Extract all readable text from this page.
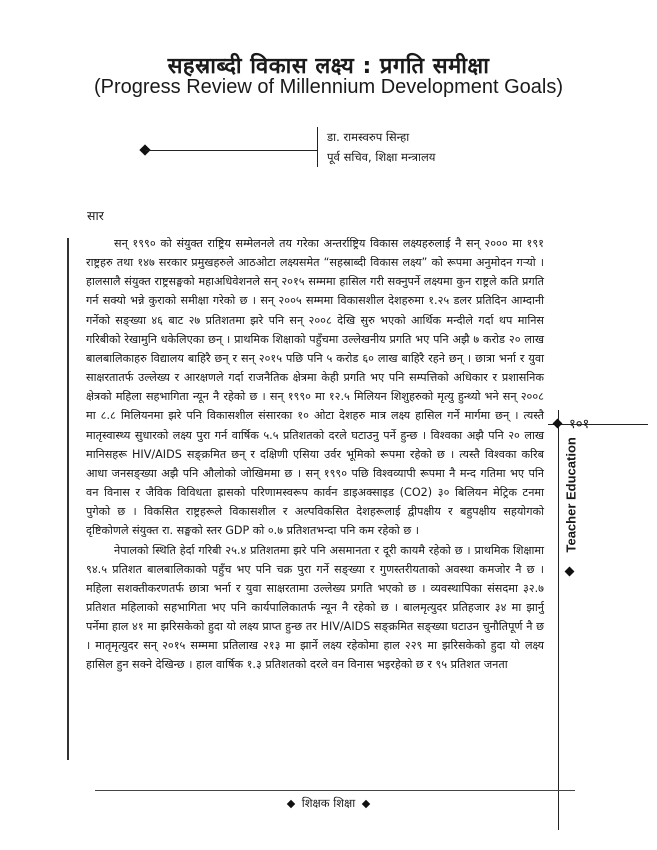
सहस्राब्दी विकास लक्ष्य : प्रगति समीक्षा
(Progress Review of Millennium Development Goals)
डा. रामस्वरुप सिन्हा
पूर्व सचिव, शिक्षा मन्त्रालय
सार

सन् १९९० को संयुक्त राष्ट्रिय सम्मेलनले तय गरेका अन्तर्राष्ट्रिय विकास लक्ष्यहरुलाई नै सन् २००० मा १९१ राष्ट्रहरु तथा १४७ सरकार प्रमुखहरुले आठओटा लक्ष्यसमेत “सहस्राब्दी विकास लक्ष्य” को रूपमा अनुमोदन गर्‍यो । हालसालै संयुक्त राष्ट्रसङ्घको महाअधिवेशनले सन् २०१५ सम्ममा हासिल गरी सक्नुपर्ने लक्ष्यमा कुन राष्ट्रले कति प्रगति गर्न सक्यो भन्ने कुराको समीक्षा गरेको छ । सन् २००५ सम्ममा विकासशील देशहरुमा १.२५ डलर प्रतिदिन आम्दानी गर्नेको सङ्ख्या ४६ बाट २७ प्रतिशतमा झरे पनि सन् २००८ देखि सुरु भएको आर्थिक मन्दीले गर्दा थप मानिस गरिबीको रेखामुनि धकेलिएका छन् । प्राथमिक शिक्षाको पहुँचमा उल्लेखनीय प्रगति भए पनि अझै ७ करोड २० लाख बालबालिकाहरु विद्यालय बाहिरै छन् र सन् २०१५ पछि पनि ५ करोड ६० लाख बाहिरै रहने छन् । छात्रा भर्ना र युवा साक्षरतातर्फ उल्लेख्य र आरक्षणले गर्दा राजनैतिक क्षेत्रमा केही प्रगति भए पनि सम्पत्तिको अधिकार र प्रशासनिक क्षेत्रको महिला सहभागिता न्यून नै रहेको छ । सन् १९९० मा १२.५ मिलियन शिशुहरुको मृत्यु हुन्थ्यो भने सन् २००८ मा ८.८ मिलियनमा झरे पनि विकासशील संसारका १० ओटा देशहरु मात्र लक्ष्य हासिल गर्ने मार्गमा छन् । त्यस्तै मातृस्वास्थ्य सुधारको लक्ष्य पुरा गर्न वार्षिक ५.५ प्रतिशतको दरले घटाउनु पर्ने हुन्छ । विश्वका अझै पनि २० लाख मानिसहरू HIV/AIDS सङ्क्रमित छन् र दक्षिणी एसिया उर्वर भूमिको रूपमा रहेको छ । त्यस्तै विश्वका करिब आधा जनसङ्ख्या अझै पनि औलोको जोखिममा छ । सन् १९९० पछि विश्वव्यापी रूपमा नै मन्द गतिमा भए पनि वन विनास र जैविक विविधता ह्रासको परिणामस्वरूप कार्वन डाइअक्साइड (CO2) ३० बिलियन मेट्रिक टनमा पुगेको छ । विकसित राष्ट्रहरूले विकासशील र अल्पविकसित देशहरूलाई द्वीपक्षीय र बहुपक्षीय सहयोगको दृष्टिकोणले संयुक्त रा. सङ्घको स्तर GDP को ०.७ प्रतिशतभन्दा पनि कम रहेको छ ।

नेपालको स्थिति हेर्दा गरिबी २५.४ प्रतिशतमा झरे पनि असमानता र दूरी कायमै रहेको छ । प्राथमिक शिक्षामा ९४.५ प्रतिशत बालबालिकाको पहुँच भए पनि चक्र पुरा गर्ने सङ्ख्या र गुणस्तरीयताको अवस्था कमजोर नै छ । महिला सशक्तीकरणतर्फ छात्रा भर्ना र युवा साक्षरतामा उल्लेख्य प्रगति भएको छ । व्यवस्थापिका संसदमा ३२.७ प्रतिशत महिलाको सहभागिता भए पनि कार्यपालिकातर्फ न्यून नै रहेको छ । बालमृत्युदर प्रतिहजार ३४ मा झार्नु पर्नेमा हाल ४१ मा झरिसकेको हुदा यो लक्ष्य प्राप्त हुन्छ तर HIV/AIDS सङ्क्रमित सङ्ख्या घटाउन चुनौतिपूर्ण नै छ । मातृमृत्युदर सन् २०१५ सम्ममा प्रतिलाख २१३ मा झार्ने लक्ष्य रहेकोमा हाल २२९ मा झरिसकेको हुदा यो लक्ष्य हासिल हुन सक्ने देखिन्छ । हाल वार्षिक १.३ प्रतिशतको दरले वन विनास भइरहेको छ र ९५ प्रतिशत जनता

१०१
Teacher Education
शिक्षक शिक्षा
